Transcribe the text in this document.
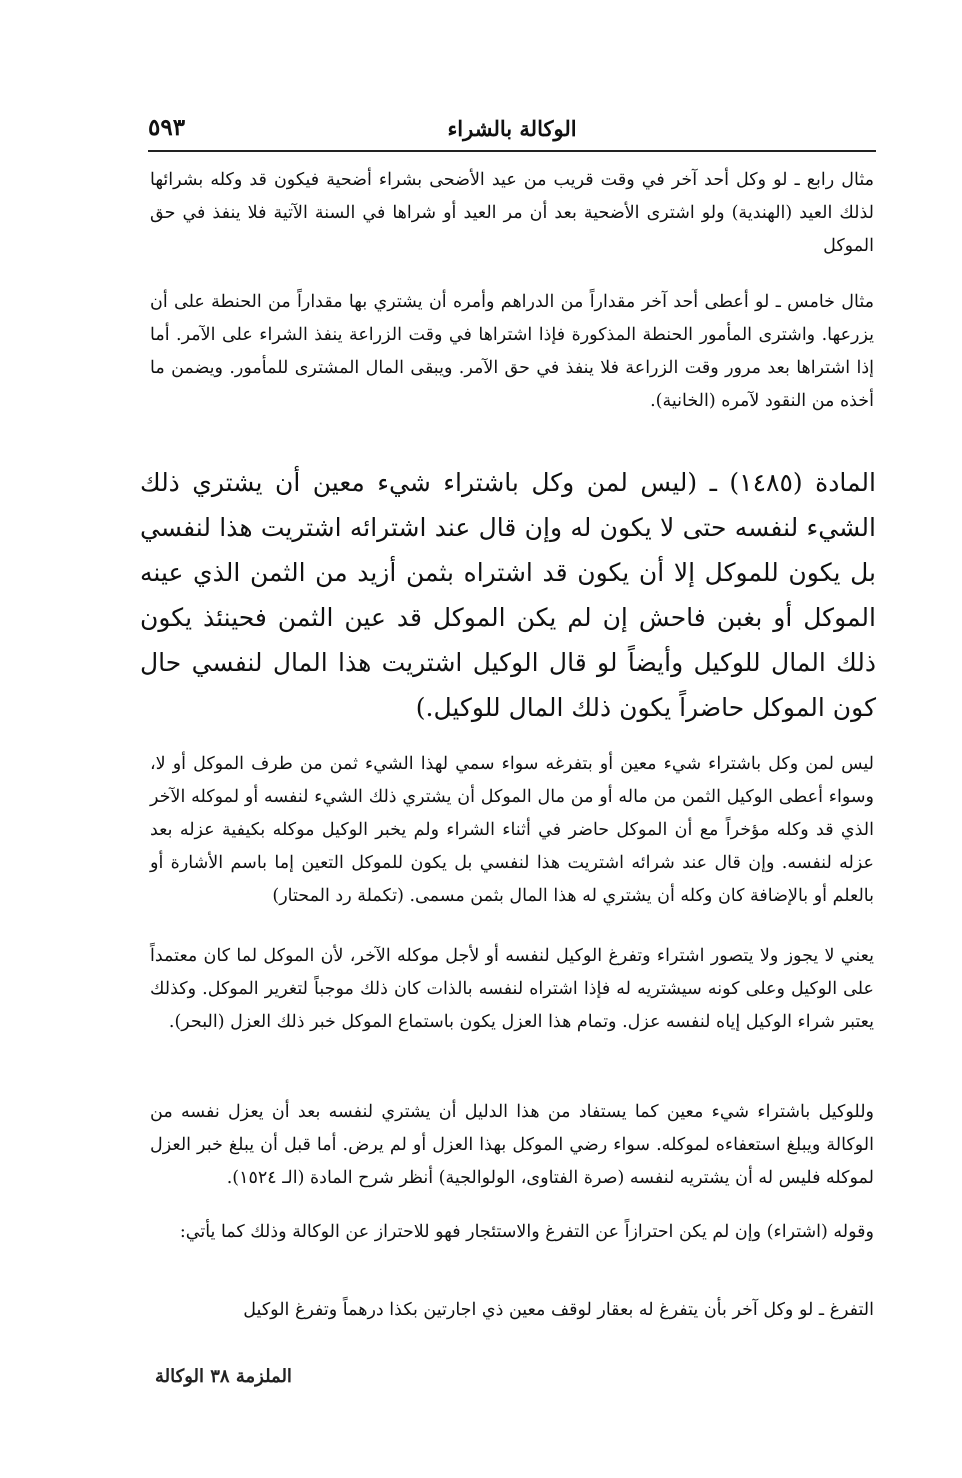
الوكالة بالشراء
٥٩٣
مثال رابع ـ لو وكل أحد آخر في وقت قريب من عيد الأضحى بشراء أضحية فيكون قد وكله بشرائها لذلك العيد (الهندية) ولو اشترى الأضحية بعد أن مر العيد أو شراها في السنة الآتية فلا ينفذ في حق الموكل
مثال خامس ـ لو أعطى أحد آخر مقداراً من الدراهم وأمره أن يشتري بها مقداراً من الحنطة على أن يزرعها. واشترى المأمور الحنطة المذكورة فإذا اشتراها في وقت الزراعة ينفذ الشراء على الآمر. أما إذا اشتراها بعد مرور وقت الزراعة فلا ينفذ في حق الآمر. ويبقى المال المشترى للمأمور. ويضمن ما أخذه من النقود لآمره (الخانية).
المادة (١٤٨٥) ـ (ليس لمن وكل باشتراء شيء معين أن يشتري ذلك الشيء لنفسه حتى لا يكون له وإن قال عند اشترائه اشتريت هذا لنفسي بل يكون للموكل إلا أن يكون قد اشتراه بثمن أزيد من الثمن الذي عينه الموكل أو بغبن فاحش إن لم يكن الموكل قد عين الثمن فحينئذ يكون ذلك المال للوكيل وأيضاً لو قال الوكيل اشتريت هذا المال لنفسي حال كون الموكل حاضراً يكون ذلك المال للوكيل.)
ليس لمن وكل باشتراء شيء معين أو بتفرغه سواء سمي لهذا الشيء ثمن من طرف الموكل أو لا، وسواء أعطى الوكيل الثمن من ماله أو من مال الموكل أن يشتري ذلك الشيء لنفسه أو لموكله الآخر الذي قد وكله مؤخراً مع أن الموكل حاضر في أثناء الشراء ولم يخبر الوكيل موكله بكيفية عزله بعد عزله لنفسه. وإن قال عند شرائه اشتريت هذا لنفسي بل يكون للموكل التعين إما باسم الأشارة أو بالعلم أو بالإضافة كان وكله أن يشتري له هذا المال بثمن مسمى. (تكملة رد المحتار)
يعني لا يجوز ولا يتصور اشتراء وتفرغ الوكيل لنفسه أو لأجل موكله الآخر، لأن الموكل لما كان معتمداً على الوكيل وعلى كونه سيشتريه له فإذا اشتراه لنفسه بالذات كان ذلك موجباً لتغرير الموكل. وكذلك يعتبر شراء الوكيل إياه لنفسه عزل. وتمام هذا العزل يكون باستماع الموكل خبر ذلك العزل (البحر).
وللوكيل باشتراء شيء معين كما يستفاد من هذا الدليل أن يشتري لنفسه بعد أن يعزل نفسه من الوكالة ويبلغ استعفاءه لموكله. سواء رضي الموكل بهذا العزل أو لم يرض. أما قبل أن يبلغ خبر العزل لموكله فليس له أن يشتريه لنفسه (صرة الفتاوى، الولوالجية) أنظر شرح المادة (الـ ١٥٢٤).
وقوله (اشتراء) وإن لم يكن احترازاً عن التفرغ والاستئجار فهو للاحتراز عن الوكالة وذلك كما يأتي:
التفرغ ـ لو وكل آخر بأن يتفرغ له بعقار لوقف معين ذي اجارتين بكذا درهماً وتفرغ الوكيل
الملزمة ٣٨ الوكالة
